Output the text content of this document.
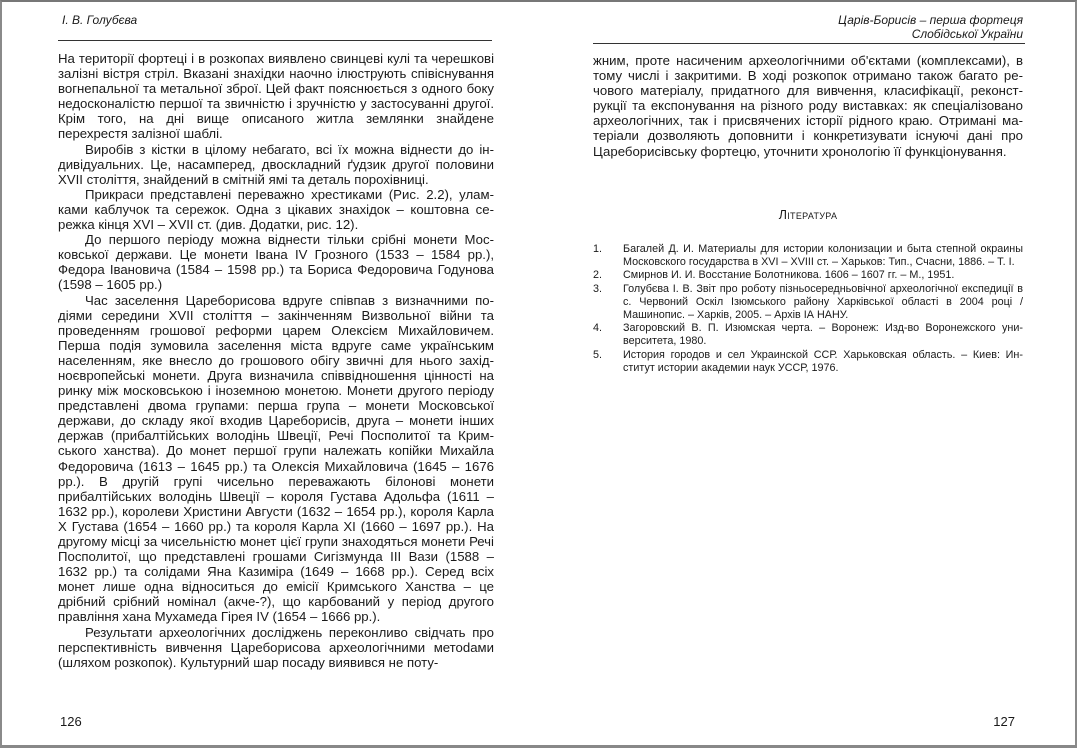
І. В. Голубєва

На території фортеці і в розкопах виявлено свинцеві кулі та черешкові залізні вістря стріл. Вказані знахідки наочно ілюструють співіснування вогнепальної та метальної зброї. Цей факт пояснюється з одного боку недосконалістю першої та звичністю і зручністю у застосуванні другої. Крім того, на дні вище описаного житла землянки знайдене перехрестя залізної шаблі.

Виробів з кістки в цілому небагато, всі їх можна віднести до індивідуальних. Це, насамперед, двоскладний ґудзик другої половини XVII століття, знайдений в смітній ямі та деталь порохівниці.

Прикраси представлені переважно хрестиками (Рис. 2.2), уламками каблучок та сережок. Одна з цікавих знахідок – коштовна сережка кінця XVI – XVII ст. (див. Додатки, рис. 12).

До першого періоду можна віднести тільки срібні монети Московської держави. Це монети Івана IV Грозного (1533 – 1584 рр.), Федора Івановича (1584 – 1598 рр.) та Бориса Федоровича Годунова (1598 – 1605 рр.)

Час заселення Цареборисова вдруге співпав з визначними подіями середини XVII століття – закінченням Визвольної війни та проведенням грошової реформи царем Олексієм Михайловичем. Перша подія зумовила заселення міста вдруге саме українським населенням, яке внесло до грошового обігу звичні для нього західноєвропейські монети. Друга визначила співвідношення цінності на ринку між московською і іноземною монетою. Монети другого періоду представлені двома групами: перша група – монети Московської держави, до складу якої входив Цареборисів, друга – монети інших держав (прибалтійських володінь Швеції, Речі Посполитої та Кримського ханства). До монет першої групи належать копійки Михайла Федоровича (1613 – 1645 рр.) та Олексія Михайловича (1645 – 1676 рр.). В другій групі чисельно переважають білонові монети прибалтійських володінь Швеції – короля Густава Адольфа (1611 – 1632 рр.), королеви Христини Августи (1632 – 1654 рр.), короля Карла X Густава (1654 – 1660 рр.) та короля Карла XI (1660 – 1697 рр.). На другому місці за чисельністю монет цієї групи знаходяться монети Речі Посполитої, що представлені грошами Сигізмунда III Вази (1588 – 1632 рр.) та солідами Яна Казиміра (1649 – 1668 рр.). Серед всіх монет лише одна відноситься до емісії Кримського Ханства – це дрібний срібний номінал (акче-?), що карбований у період другого правління хана Мухамеда Гірея IV (1654 – 1666 рр.).

Результати археологічних досліджень переконливо свідчать про перспективність вивчення Цареборисова археологічними метоdами (шляхом розкопок). Культурний шар посаду виявився не поту-

126
Царів-Борисів – перша фортеця
Слобідської України

жним, проте насиченим археологічними об'єктами (комплексами), в тому числі і закритими. В ході розкопок отримано також багато речового матеріалу, придатного для вивчення, класифікації, реконструкції та експонування на різного роду виставках: як спеціалізовано археологічних, так і присвячених історії рідного краю. Отримані матеріали дозволяють доповнити і конкретизувати існуючі дані про Цареборисівську фортецю, уточнити хронологію її функціонування.

Література
1. Багалей Д. И. Материалы для истории колонизации и быта степной окраины Московского государства в XVI – XVIII ст. – Харьков: Тип., Счасни, 1886. – Т. I.
2. Смирнов И. И. Восстание Болотникова. 1606 – 1607 гг. – М., 1951.
3. Голубєва І. В. Звіт про роботу пізньосередньовічної археологічної експедиції в с. Червоний Оскіл Ізюмського району Харківської області в 2004 році / Машинопис. – Харків, 2005. – Архів ІА НАНУ.
4. Загоровский В. П. Изюмская черта. – Воронеж: Изд-во Воронежского университета, 1980.
5. История городов и сел Украинской ССР. Харьковская область. – Киев: Институт истории академии наук УССР, 1976.
127
